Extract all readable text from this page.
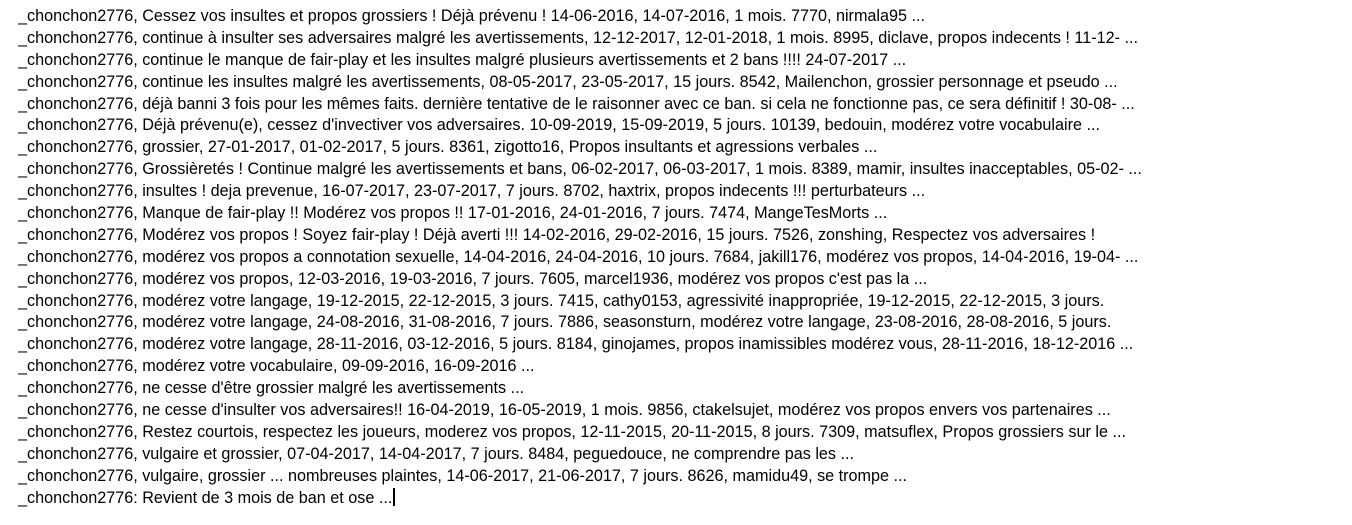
_chonchon2776, Cessez vos insultes et propos grossiers ! Déjà prévenu ! 14-06-2016, 14-07-2016, 1 mois. 7770, nirmala95 ...
_chonchon2776, continue à insulter ses adversaires malgré les avertissements, 12-12-2017, 12-01-2018, 1 mois. 8995, diclave, propos indecents ! 11-12- ...
_chonchon2776, continue le manque de fair-play et les insultes malgré plusieurs avertissements et 2 bans !!!! 24-07-2017 ...
_chonchon2776, continue les insultes malgré les avertissements, 08-05-2017, 23-05-2017, 15 jours. 8542, Mailenchon, grossier personnage et pseudo ...
_chonchon2776, déjà banni 3 fois pour les mêmes faits. dernière tentative de le raisonner avec ce ban. si cela ne fonctionne pas, ce sera définitif ! 30-08- ...
_chonchon2776, Déjà prévenu(e), cessez d'invectiver vos adversaires. 10-09-2019, 15-09-2019, 5 jours. 10139, bedouin, modérez votre vocabulaire ...
_chonchon2776, grossier, 27-01-2017, 01-02-2017, 5 jours. 8361, zigotto16, Propos insultants et agressions verbales ...
_chonchon2776, Grossièretés ! Continue malgré les avertissements et bans, 06-02-2017, 06-03-2017, 1 mois. 8389, mamir, insultes inacceptables, 05-02- ...
_chonchon2776, insultes ! deja prevenue, 16-07-2017, 23-07-2017, 7 jours. 8702, haxtrix, propos indecents !!! perturbateurs ...
_chonchon2776, Manque de fair-play !! Modérez vos propos !! 17-01-2016, 24-01-2016, 7 jours. 7474, MangeTesMorts ...
_chonchon2776, Modérez vos propos ! Soyez fair-play ! Déjà averti !!! 14-02-2016, 29-02-2016, 15 jours. 7526, zonshing, Respectez vos adversaires !
_chonchon2776, modérez vos propos a connotation sexuelle, 14-04-2016, 24-04-2016, 10 jours. 7684, jakill176, modérez vos propos, 14-04-2016, 19-04- ...
_chonchon2776, modérez vos propos, 12-03-2016, 19-03-2016, 7 jours. 7605, marcel1936, modérez vos propos c'est pas la ...
_chonchon2776, modérez votre langage, 19-12-2015, 22-12-2015, 3 jours. 7415, cathy0153, agressivité inappropriée, 19-12-2015, 22-12-2015, 3 jours.
_chonchon2776, modérez votre langage, 24-08-2016, 31-08-2016, 7 jours. 7886, seasonsturn, modérez votre langage, 23-08-2016, 28-08-2016, 5 jours.
_chonchon2776, modérez votre langage, 28-11-2016, 03-12-2016, 5 jours. 8184, ginojames, propos inamissibles modérez vous, 28-11-2016, 18-12-2016 ...
_chonchon2776, modérez votre vocabulaire, 09-09-2016, 16-09-2016 ...
_chonchon2776, ne cesse d'être grossier malgré les avertissements ...
_chonchon2776, ne cesse d'insulter vos adversaires!! 16-04-2019, 16-05-2019, 1 mois. 9856, ctakelsujet, modérez vos propos envers vos partenaires ...
_chonchon2776, Restez courtois, respectez les joueurs, moderez vos propos, 12-11-2015, 20-11-2015, 8 jours. 7309, matsuflex, Propos grossiers sur le ...
_chonchon2776, vulgaire et grossier, 07-04-2017, 14-04-2017, 7 jours. 8484, peguedouce, ne comprendre pas les ...
_chonchon2776, vulgaire, grossier ... nombreuses plaintes, 14-06-2017, 21-06-2017, 7 jours. 8626, mamidu49, se trompe ...
_chonchon2776: Revient de 3 mois de ban et ose ...
